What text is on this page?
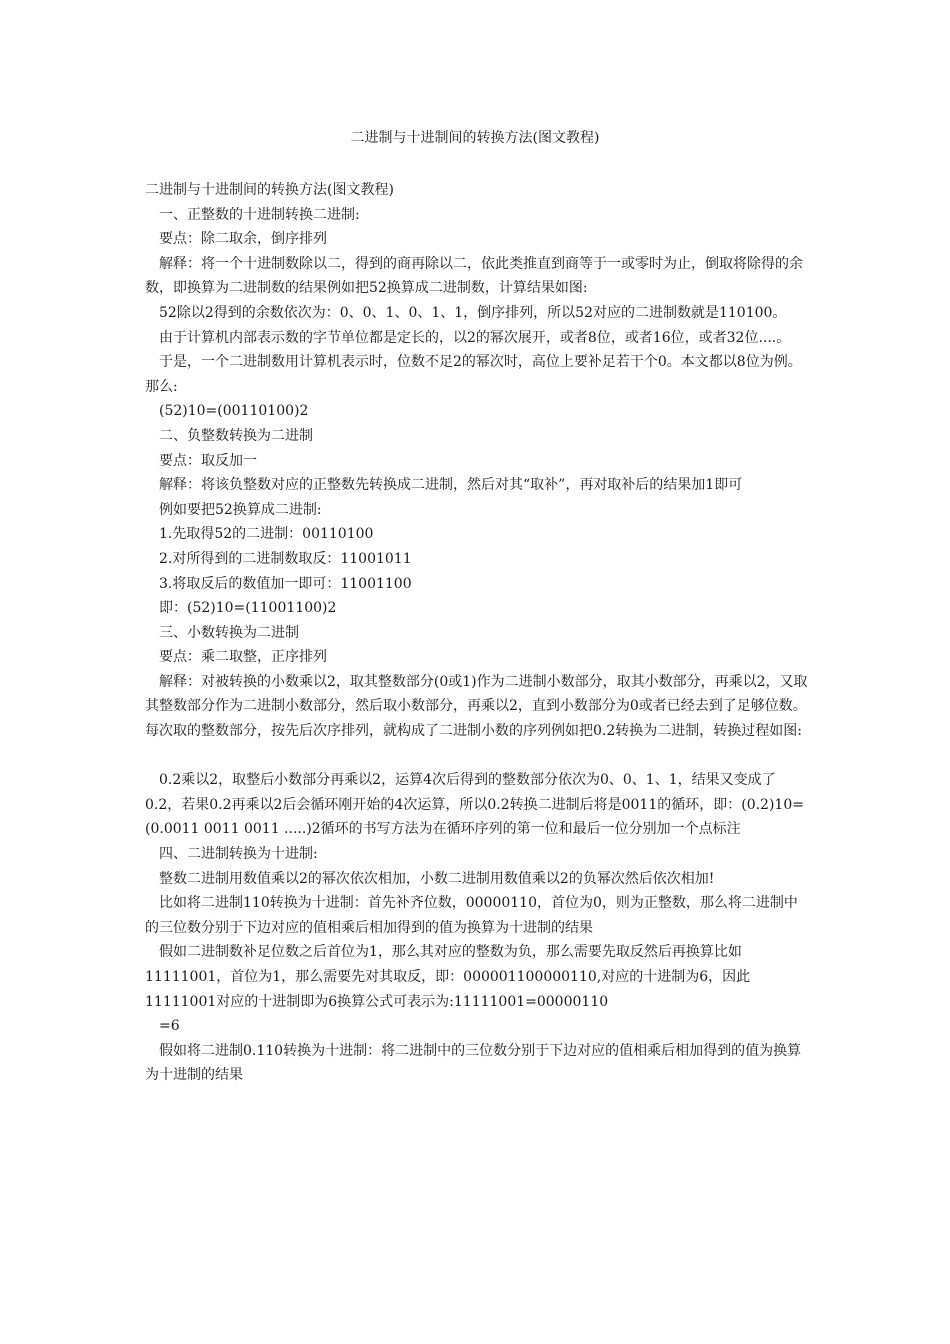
二进制与十进制间的转换方法(图文教程)

二进制与十进制间的转换方法(图文教程)

一、正整数的十进制转换二进制:

要点：除二取余，倒序排列

解释：将一个十进制数除以二，得到的商再除以二，依此类推直到商等于一或零时为止，倒取将除得的余数，即换算为二进制数的结果例如把52换算成二进制数，计算结果如图:

52除以2得到的余数依次为：0、0、1、0、1、1，倒序排列，所以52对应的二进制数就是110100。

由于计算机内部表示数的字节单位都是定长的，以2的幂次展开，或者8位，或者16位，或者32位....。

于是，一个二进制数用计算机表示时，位数不足2的幂次时，高位上要补足若干个0。本文都以8位为例。那么:

(52)10=(00110100)2

二、负整数转换为二进制

要点：取反加一

解释：将该负整数对应的正整数先转换成二进制，然后对其“取补”，再对取补后的结果加1即可

例如要把52换算成二进制:

1.先取得52的二进制：00110100

2.对所得到的二进制数取反：11001011

3.将取反后的数值加一即可：11001100

即：(52)10=(11001100)2

三、小数转换为二进制

要点：乘二取整，正序排列

解释：对被转换的小数乘以2，取其整数部分(0或1)作为二进制小数部分，取其小数部分，再乘以2，又取其整数部分作为二进制小数部分，然后取小数部分，再乘以2，直到小数部分为0或者已经去到了足够位数。每次取的整数部分，按先后次序排列，就构成了二进制小数的序列例如把0.2转换为二进制，转换过程如图:

0.2乘以2，取整后小数部分再乘以2，运算4次后得到的整数部分依次为0、0、1、1，结果又变成了0.2，若果0.2再乘以2后会循环刚开始的4次运算，所以0.2转换二进制后将是0011的循环，即：(0.2)10=(0.0011 0011 0011 .....)2循环的书写方法为在循环序列的第一位和最后一位分别加一个点标注

四、二进制转换为十进制:

整数二进制用数值乘以2的幂次依次相加，小数二进制用数值乘以2的负幂次然后依次相加!

比如将二进制110转换为十进制：首先补齐位数，00000110，首位为0，则为正整数，那么将二进制中的三位数分别于下边对应的值相乘后相加得到的值为换算为十进制的结果

假如二进制数补足位数之后首位为1，那么其对应的整数为负，那么需要先取反然后再换算比如11111001，首位为1，那么需要先对其取反，即：000001100000110,对应的十进制为6，因此11111001对应的十进制即为6换算公式可表示为:11111001=00000110

=6

假如将二进制0.110转换为十进制：将二进制中的三位数分别于下边对应的值相乘后相加得到的值为换算为十进制的结果
